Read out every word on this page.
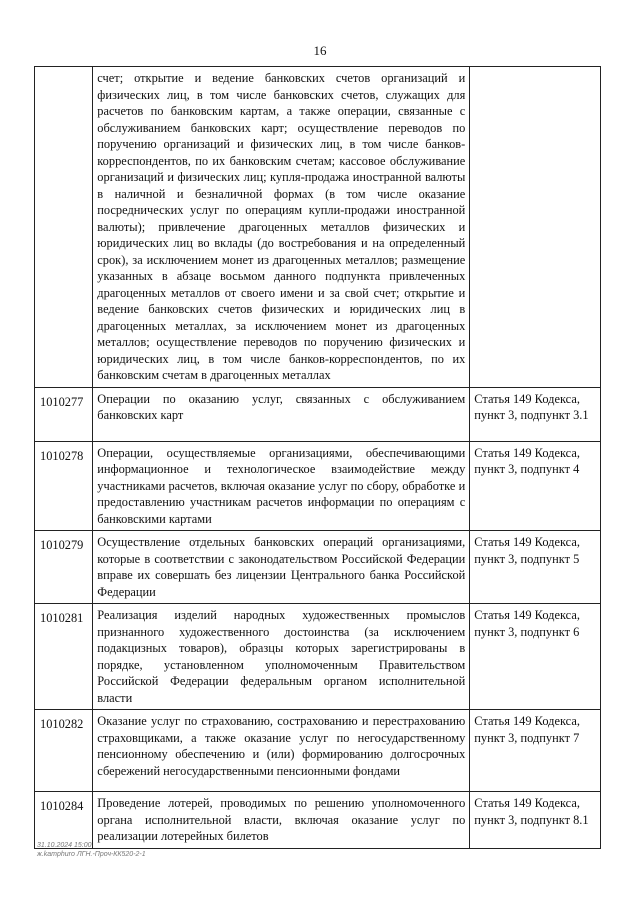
16
	счет; открытие и ведение банковских счетов организаций и физических лиц, в том числе банковских счетов, служащих для расчетов по банковским картам, а также операции, связанные с обслуживанием банковских карт; осуществление переводов по поручению организаций и физических лиц, в том числе банков-корреспондентов, по их банковским счетам; кассовое обслуживание организаций и физических лиц; купля-продажа иностранной валюты в наличной и безналичной формах (в том числе оказание посреднических услуг по операциям купли-продажи иностранной валюты); привлечение драгоценных металлов физических и юридических лиц во вклады (до востребования и на определенный срок), за исключением монет из драгоценных металлов; размещение указанных в абзаце восьмом данного подпункта привлеченных драгоценных металлов от своего имени и за свой счет; открытие и ведение банковских счетов физических и юридических лиц в драгоценных металлах, за исключением монет из драгоценных металлов; осуществление переводов по поручению физических и юридических лиц, в том числе банков-корреспондентов, по их банковским счетам в драгоценных металлах	
1010277	Операции по оказанию услуг, связанных с обслуживанием банковских карт	Статья 149 Кодекса, пункт 3, подпункт 3.1
1010278	Операции, осуществляемые организациями, обеспечивающими информационное и технологическое взаимодействие между участниками расчетов, включая оказание услуг по сбору, обработке и предоставлению участникам расчетов информации по операциям с банковскими картами	Статья 149 Кодекса, пункт 3, подпункт 4
1010279	Осуществление отдельных банковских операций организациями, которые в соответствии с законодательством Российской Федерации вправе их совершать без лицензии Центрального банка Российской Федерации	Статья 149 Кодекса, пункт 3, подпункт 5
1010281	Реализация изделий народных художественных промыслов признанного художественного достоинства (за исключением подакцизных товаров), образцы которых зарегистрированы в порядке, установленном уполномоченным Правительством Российской Федерации федеральным органом исполнительной власти	Статья 149 Кодекса, пункт 3, подпункт 6
1010282	Оказание услуг по страхованию, сострахованию и перестрахованию страховщиками, а также оказание услуг по негосударственному пенсионному обеспечению и (или) формированию долгосрочных сбережений негосударственными пенсионными фондами	Статья 149 Кодекса, пункт 3, подпункт 7
1010284	Проведение лотерей, проводимых по решению уполномоченного органа исполнительной власти, включая оказание услуг по реализации лотерейных билетов	Статья 149 Кодекса, пункт 3, подпункт 8.1
31.10.2024 15:00
ж.kamphuro ЛГН.-Проч-КК520-2-1
